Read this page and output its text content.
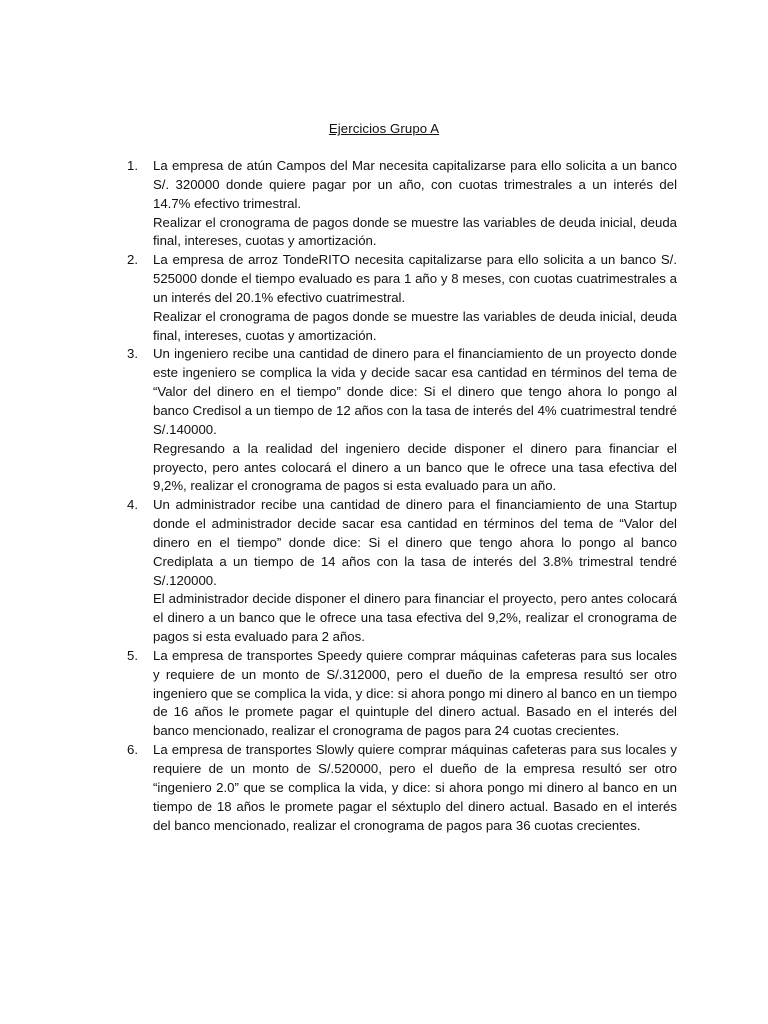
Ejercicios Grupo A
1. La empresa de atún Campos del Mar necesita capitalizarse para ello solicita a un banco S/. 320000 donde quiere pagar por un año, con cuotas trimestrales a un interés del 14.7% efectivo trimestral.

Realizar el cronograma de pagos donde se muestre las variables de deuda inicial, deuda final, intereses, cuotas y amortización.

2. La empresa de arroz TondeRITO necesita capitalizarse para ello solicita a un banco S/. 525000 donde el tiempo evaluado es para 1 año y 8 meses, con cuotas cuatrimestrales a un interés del 20.1% efectivo cuatrimestral.

Realizar el cronograma de pagos donde se muestre las variables de deuda inicial, deuda final, intereses, cuotas y amortización.

3. Un ingeniero recibe una cantidad de dinero para el financiamiento de un proyecto donde este ingeniero se complica la vida y decide sacar esa cantidad en términos del tema de “Valor del dinero en el tiempo” donde dice: Si el dinero que tengo ahora lo pongo al banco Credisol a un tiempo de 12 años con la tasa de interés del 4% cuatrimestral tendré S/.140000.

Regresando a la realidad del ingeniero decide disponer el dinero para financiar el proyecto, pero antes colocará el dinero a un banco que le ofrece una tasa efectiva del 9,2%, realizar el cronograma de pagos si esta evaluado para un año.

4. Un administrador recibe una cantidad de dinero para el financiamiento de una Startup donde el administrador decide sacar esa cantidad en términos del tema de “Valor del dinero en el tiempo” donde dice: Si el dinero que tengo ahora lo pongo al banco Crediplata a un tiempo de 14 años con la tasa de interés del 3.8% trimestral tendré S/.120000.

El administrador decide disponer el dinero para financiar el proyecto, pero antes colocará el dinero a un banco que le ofrece una tasa efectiva del 9,2%, realizar el cronograma de pagos si esta evaluado para 2 años.

5. La empresa de transportes Speedy quiere comprar máquinas cafeteras para sus locales y requiere de un monto de S/.312000, pero el dueño de la empresa resultó ser otro ingeniero que se complica la vida, y dice: si ahora pongo mi dinero al banco en un tiempo de 16 años le promete pagar el quintuple del dinero actual. Basado en el interés del banco mencionado, realizar el cronograma de pagos para 24 cuotas crecientes.

6. La empresa de transportes Slowly quiere comprar máquinas cafeteras para sus locales y requiere de un monto de S/.520000, pero el dueño de la empresa resultó ser otro “ingeniero 2.0” que se complica la vida, y dice: si ahora pongo mi dinero al banco en un tiempo de 18 años le promete pagar el séxtuplo del dinero actual. Basado en el interés del banco mencionado, realizar el cronograma de pagos para 36 cuotas crecientes.
